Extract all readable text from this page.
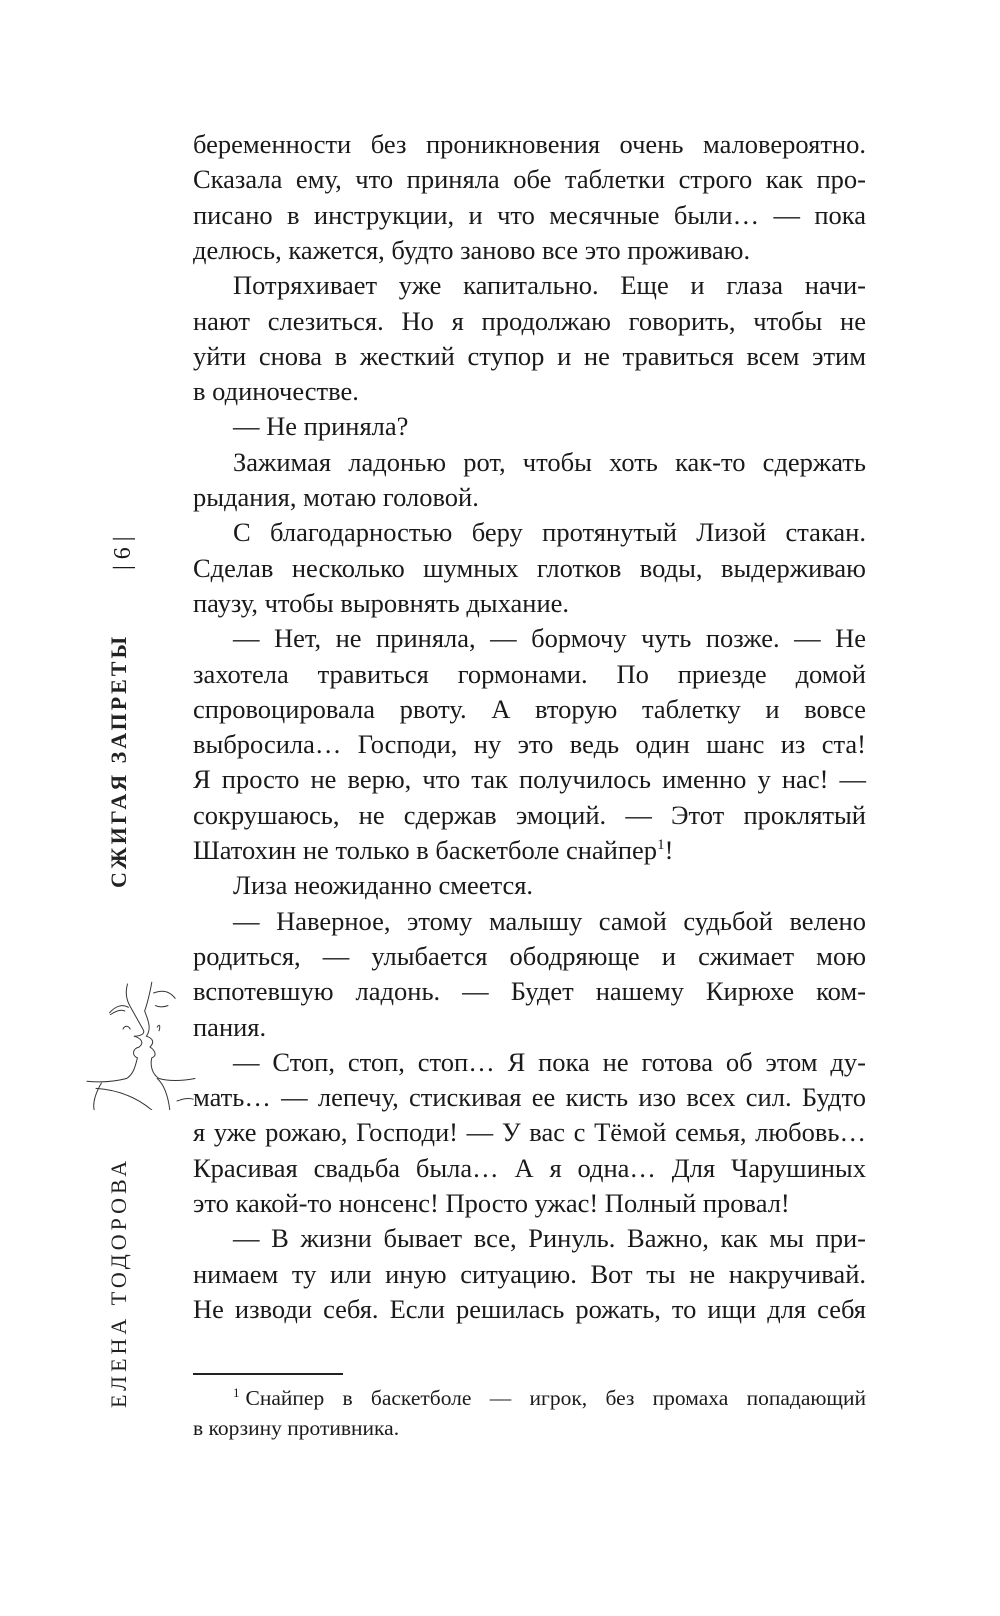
| 6 |
СЖИГАЯ ЗАПРЕТЫ
ЕЛЕНА ТОДОРОВА
беременности без проникновения очень маловероятно.
Сказала ему, что приняла обе таблетки строго как про-
писано в инструкции, и что месячные были… — пока
делюсь, кажется, будто заново все это проживаю.
Потряхивает уже капитально. Еще и глаза начи-
нают слезиться. Но я продолжаю говорить, чтобы не
уйти снова в жесткий ступор и не травиться всем этим
в одиночестве.
— Не приняла?
Зажимая ладонью рот, чтобы хоть как-то сдержать
рыдания, мотаю головой.
С благодарностью беру протянутый Лизой стакан.
Сделав несколько шумных глотков воды, выдерживаю
паузу, чтобы выровнять дыхание.
— Нет, не приняла, — бормочу чуть позже. — Не
захотела травиться гормонами. По приезде домой
спровоцировала рвоту. А вторую таблетку и вовсе
выбросила… Господи, ну это ведь один шанс из ста!
Я просто не верю, что так получилось именно у нас! —
сокрушаюсь, не сдержав эмоций. — Этот проклятый
Шатохин не только в баскетболе снайпер$^1$!
Лиза неожиданно смеется.
— Наверное, этому малышу самой судьбой велено
родиться, — улыбается ободряюще и сжимает мою
вспотевшую ладонь. — Будет нашему Кирюхе ком-
пания.
— Стоп, стоп, стоп… Я пока не готова об этом ду-
мать… — лепечу, стискивая ее кисть изо всех сил. Будто
я уже рожаю, Господи! — У вас с Тёмой семья, любовь…
Красивая свадьба была… А я одна… Для Чарушиных
это какой-то нонсенс! Просто ужас! Полный провал!
— В жизни бывает все, Ринуль. Важно, как мы при-
нимаем ту или иную ситуацию. Вот ты не накручивай.
Не изводи себя. Если решилась рожать, то ищи для себя
$^1$ Снайпер в баскетболе — игрок, без промаха попадающий
в корзину противника.
